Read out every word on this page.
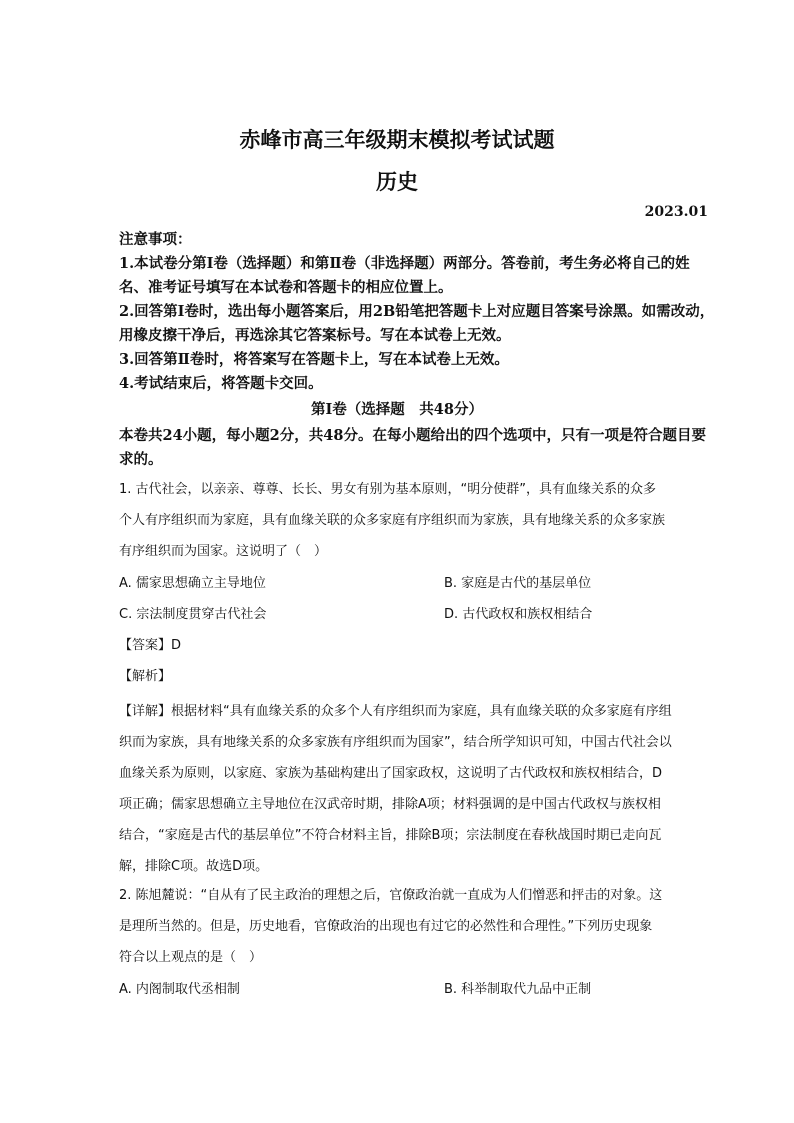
赤峰市高三年级期末模拟考试试题
历史
2023.01
注意事项：
1.本试卷分第Ⅰ卷（选择题）和第Ⅱ卷（非选择题）两部分。答卷前，考生务必将自己的姓名、准考证号填写在本试卷和答题卡的相应位置上。
2.回答第Ⅰ卷时，选出每小题答案后，用2B铅笔把答题卡上对应题目答案号涂黑。如需改动，用橡皮擦干净后，再选涂其它答案标号。写在本试卷上无效。
3.回答第Ⅱ卷时，将答案写在答题卡上，写在本试卷上无效。
4.考试结束后，将答题卡交回。
第Ⅰ卷（选择题　共48分）
本卷共24小题，每小题2分，共48分。在每小题给出的四个选项中，只有一项是符合题目要求的。
1. 古代社会，以亲亲、尊尊、长长、男女有别为基本原则，“明分使群”，具有血缘关系的众多
个人有序组织而为家庭，具有血缘关联的众多家庭有序组织而为家族，具有地缘关系的众多家族
有序组织而为国家。这说明了（　）
A. 儒家思想确立主导地位	B. 家庭是古代的基层单位
C. 宗法制度贯穿古代社会	D. 古代政权和族权相结合
【答案】D
【解析】
【详解】根据材料“具有血缘关系的众多个人有序组织而为家庭，具有血缘关联的众多家庭有序组
织而为家族，具有地缘关系的众多家族有序组织而为国家”，结合所学知识可知，中国古代社会以
血缘关系为原则，以家庭、家族为基础构建出了国家政权，这说明了古代政权和族权相结合，D
项正确；儒家思想确立主导地位在汉武帝时期，排除A项；材料强调的是中国古代政权与族权相
结合，“家庭是古代的基层单位”不符合材料主旨，排除B项；宗法制度在春秋战国时期已走向瓦
解，排除C项。故选D项。
2. 陈旭麓说：“自从有了民主政治的理想之后，官僚政治就一直成为人们憎恶和抨击的对象。这
是理所当然的。但是，历史地看，官僚政治的出现也有过它的必然性和合理性。”下列历史现象
符合以上观点的是（　）
A. 内阁制取代丞相制	B. 科举制取代九品中正制
